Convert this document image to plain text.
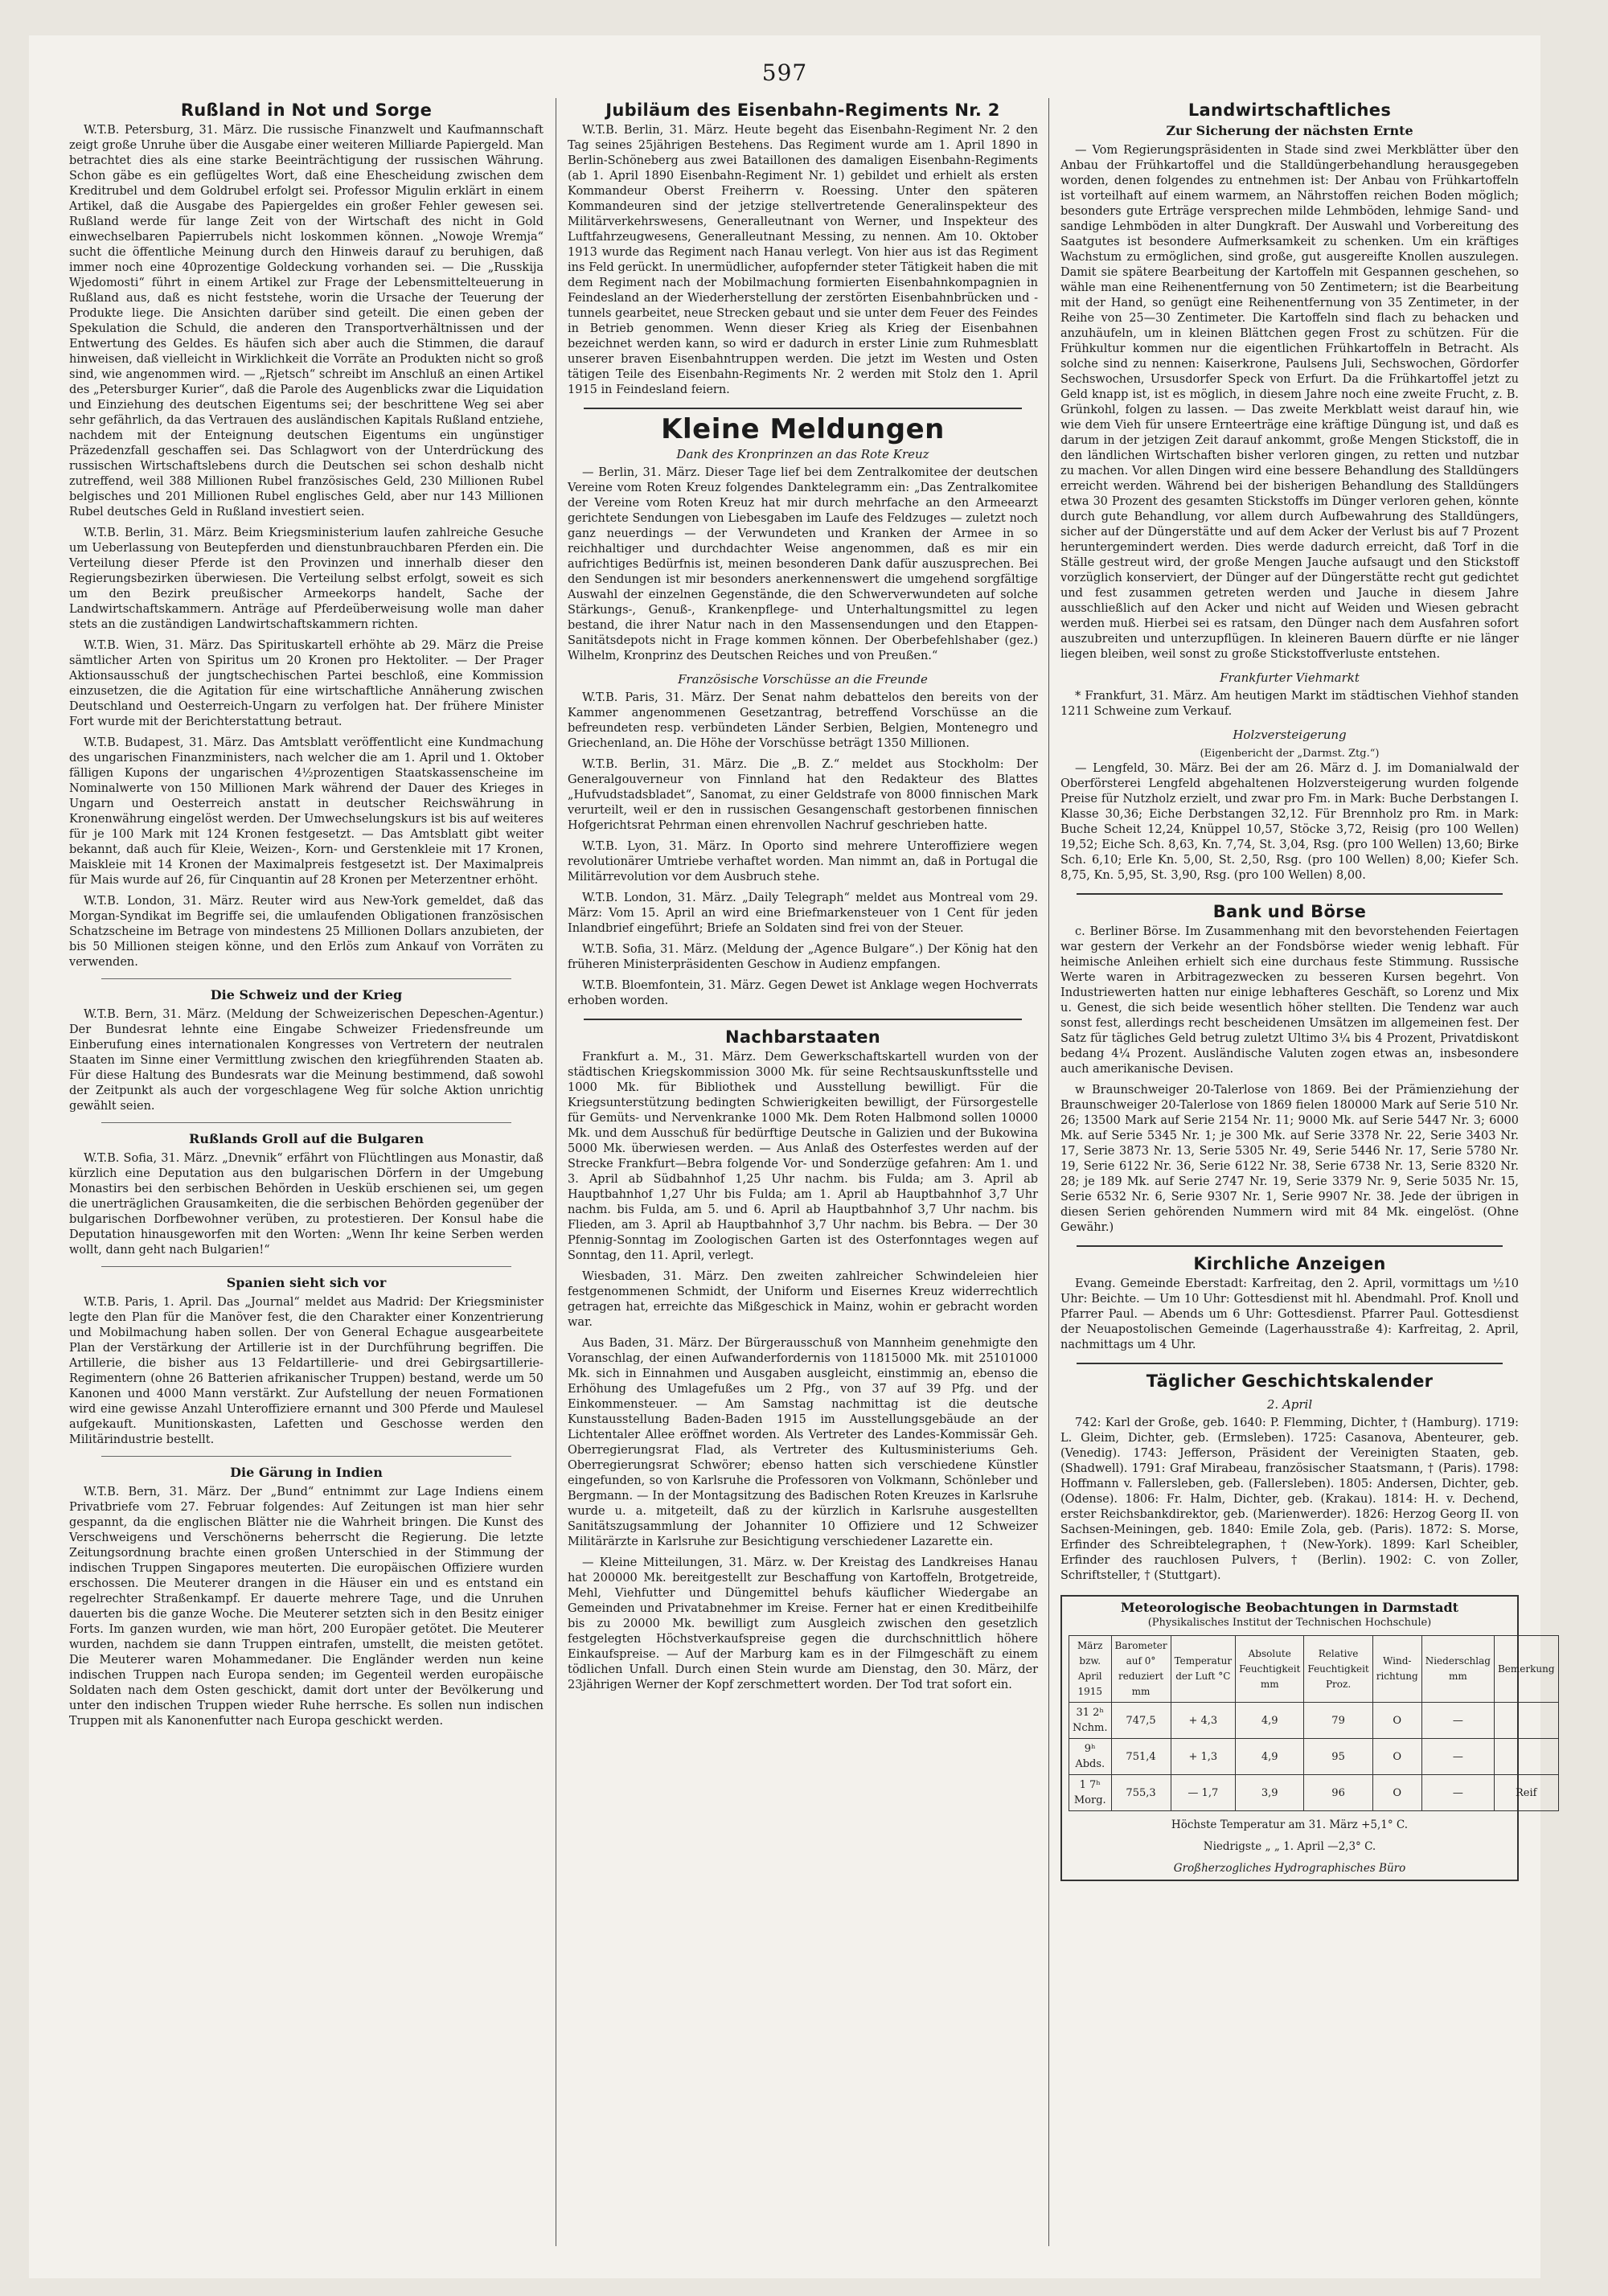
597
Rußland in Not und Sorge

W.T.B. Petersburg, 31. März. Die russische Finanzwelt und Kaufmannschaft zeigt große Unruhe über die Ausgabe einer weiteren Milliarde Papiergeld. Man betrachtet dies als eine starke Beeinträchtigung der russischen Währung. Schon gäbe es ein geflügeltes Wort, daß eine Ehescheidung zwischen dem Kreditrubel und dem Goldrubel erfolgt sei. Professor Migulin erklärt in einem Artikel, daß die Ausgabe des Papiergeldes ein großer Fehler gewesen sei. Rußland werde für lange Zeit von der Wirtschaft des nicht in Gold einwechselbaren Papierrubels nicht loskommen können. „Nowoje Wremja“ sucht die öffentliche Meinung durch den Hinweis darauf zu beruhigen, daß immer noch eine 40prozentige Goldeckung vorhanden sei. — Die „Russkija Wjedomosti“ führt in einem Artikel zur Frage der Lebensmittelteuerung in Rußland aus, daß es nicht feststehe, worin die Ursache der Teuerung der Produkte liege. Die Ansichten darüber sind geteilt. Die einen geben der Spekulation die Schuld, die anderen den Transportverhältnissen und der Entwertung des Geldes. Es häufen sich aber auch die Stimmen, die darauf hinweisen, daß vielleicht in Wirklichkeit die Vorräte an Produkten nicht so groß sind, wie angenommen wird. — „Rjetsch“ schreibt im Anschluß an einen Artikel des „Petersburger Kurier“, daß die Parole des Augenblicks zwar die Liquidation und Einziehung des deutschen Eigentums sei; der beschrittene Weg sei aber sehr gefährlich, da das Vertrauen des ausländischen Kapitals Rußland entziehe, nachdem mit der Enteignung deutschen Eigentums ein ungünstiger Präzedenzfall geschaffen sei. Das Schlagwort von der Unterdrückung des russischen Wirtschaftslebens durch die Deutschen sei schon deshalb nicht zutreffend, weil 388 Millionen Rubel französisches Geld, 230 Millionen Rubel belgisches und 201 Millionen Rubel englisches Geld, aber nur 143 Millionen Rubel deutsches Geld in Rußland investiert seien.

W.T.B. Berlin, 31. März. Beim Kriegsministerium laufen zahlreiche Gesuche um Ueberlassung von Beutepferden und dienstunbrauchbaren Pferden ein. Die Verteilung dieser Pferde ist den Provinzen und innerhalb dieser den Regierungsbezirken überwiesen. Die Verteilung selbst erfolgt, soweit es sich um den Bezirk preußischer Armeekorps handelt, Sache der Landwirtschaftskammern. Anträge auf Pferdeüberweisung wolle man daher stets an die zuständigen Landwirtschaftskammern richten.

W.T.B. Wien, 31. März. Das Spirituskartell erhöhte ab 29. März die Preise sämtlicher Arten von Spiritus um 20 Kronen pro Hektoliter. — Der Prager Aktionsausschuß der jungtschechischen Partei beschloß, eine Kommission einzusetzen, die die Agitation für eine wirtschaftliche Annäherung zwischen Deutschland und Oesterreich-Ungarn zu verfolgen hat. Der frühere Minister Fort wurde mit der Berichterstattung betraut.

W.T.B. Budapest, 31. März. Das Amtsblatt veröffentlicht eine Kundmachung des ungarischen Finanzministers, nach welcher die am 1. April und 1. Oktober fälligen Kupons der ungarischen 4½prozentigen Staatskassenscheine im Nominalwerte von 150 Millionen Mark während der Dauer des Krieges in Ungarn und Oesterreich anstatt in deutscher Reichswährung in Kronenwährung eingelöst werden. Der Umwechselungskurs ist bis auf weiteres für je 100 Mark mit 124 Kronen festgesetzt. — Das Amtsblatt gibt weiter bekannt, daß auch für Kleie, Weizen-, Korn- und Gerstenkleie mit 17 Kronen, Maiskleie mit 14 Kronen der Maximalpreis festgesetzt ist. Der Maximalpreis für Mais wurde auf 26, für Cinquantin auf 28 Kronen per Meterzentner erhöht.

W.T.B. London, 31. März. Reuter wird aus New-York gemeldet, daß das Morgan-Syndikat im Begriffe sei, die umlaufenden Obligationen französischen Schatzscheine im Betrage von mindestens 25 Millionen Dollars anzubieten, der bis 50 Millionen steigen könne, und den Erlös zum Ankauf von Vorräten zu verwenden.

Die Schweiz und der Krieg

W.T.B. Bern, 31. März. (Meldung der Schweizerischen Depeschen-Agentur.) Der Bundesrat lehnte eine Eingabe Schweizer Friedensfreunde um Einberufung eines internationalen Kongresses von Vertretern der neutralen Staaten im Sinne einer Vermittlung zwischen den kriegführenden Staaten ab. Für diese Haltung des Bundesrats war die Meinung bestimmend, daß sowohl der Zeitpunkt als auch der vorgeschlagene Weg für solche Aktion unrichtig gewählt seien.

Rußlands Groll auf die Bulgaren

W.T.B. Sofia, 31. März. „Dnevnik“ erfährt von Flüchtlingen aus Monastir, daß kürzlich eine Deputation aus den bulgarischen Dörfern in der Umgebung Monastirs bei den serbischen Behörden in Uesküb erschienen sei, um gegen die unerträglichen Grausamkeiten, die die serbischen Behörden gegenüber der bulgarischen Dorfbewohner verüben, zu protestieren. Der Konsul habe die Deputation hinausgeworfen mit den Worten: „Wenn Ihr keine Serben werden wollt, dann geht nach Bulgarien!“

Spanien sieht sich vor

W.T.B. Paris, 1. April. Das „Journal“ meldet aus Madrid: Der Kriegsminister legte den Plan für die Manöver fest, die den Charakter einer Konzentrierung und Mobilmachung haben sollen. Der von General Echague ausgearbeitete Plan der Verstärkung der Artillerie ist in der Durchführung begriffen. Die Artillerie, die bisher aus 13 Feldartillerie- und drei Gebirgsartillerie-Regimentern (ohne 26 Batterien afrikanischer Truppen) bestand, werde um 50 Kanonen und 4000 Mann verstärkt. Zur Aufstellung der neuen Formationen wird eine gewisse Anzahl Unteroffiziere ernannt und 300 Pferde und Maulesel aufgekauft. Munitionskasten, Lafetten und Geschosse werden den Militärindustrie bestellt.

Die Gärung in Indien

W.T.B. Bern, 31. März. Der „Bund“ entnimmt zur Lage Indiens einem Privatbriefe vom 27. Februar folgendes: Auf Zeitungen ist man hier sehr gespannt, da die englischen Blätter nie die Wahrheit bringen. Die Kunst des Verschweigens und Verschönerns beherrscht die Regierung. Die letzte Zeitungsordnung brachte einen großen Unterschied in der Stimmung der indischen Truppen Singapores meuterten. Die europäischen Offiziere wurden erschossen. Die Meuterer drangen in die Häuser ein und es entstand ein regelrechter Straßenkampf. Er dauerte mehrere Tage, und die Unruhen dauerten bis die ganze Woche. Die Meuterer setzten sich in den Besitz einiger Forts. Im ganzen wurden, wie man hört, 200 Europäer getötet. Die Meuterer wurden, nachdem sie dann Truppen eintrafen, umstellt, die meisten getötet. Die Meuterer waren Mohammedaner. Die Engländer werden nun keine indischen Truppen nach Europa senden; im Gegenteil werden europäische Soldaten nach dem Osten geschickt, damit dort unter der Bevölkerung und unter den indischen Truppen wieder Ruhe herrsche. Es sollen nun indischen Truppen mit als Kanonenfutter nach Europa geschickt werden.

Jubiläum des Eisenbahn-Regiments Nr. 2

W.T.B. Berlin, 31. März. Heute begeht das Eisenbahn-Regiment Nr. 2 den Tag seines 25jährigen Bestehens. Das Regiment wurde am 1. April 1890 in Berlin-Schöneberg aus zwei Bataillonen des damaligen Eisenbahn-Regiments (ab 1. April 1890 Eisenbahn-Regiment Nr. 1) gebildet und erhielt als ersten Kommandeur Oberst Freiherrn v. Roessing. Unter den späteren Kommandeuren sind der jetzige stellvertretende Generalinspekteur des Militärverkehrswesens, Generalleutnant von Werner, und Inspekteur des Luftfahrzeugwesens, Generalleutnant Messing, zu nennen. Am 10. Oktober 1913 wurde das Regiment nach Hanau verlegt. Von hier aus ist das Regiment ins Feld gerückt. In unermüdlicher, aufopfernder steter Tätigkeit haben die mit dem Regiment nach der Mobilmachung formierten Eisenbahnkompagnien in Feindesland an der Wiederherstellung der zerstörten Eisenbahnbrücken und -tunnels gearbeitet, neue Strecken gebaut und sie unter dem Feuer des Feindes in Betrieb genommen. Wenn dieser Krieg als Krieg der Eisenbahnen bezeichnet werden kann, so wird er dadurch in erster Linie zum Ruhmesblatt unserer braven Eisenbahntruppen werden. Die jetzt im Westen und Osten tätigen Teile des Eisenbahn-Regiments Nr. 2 werden mit Stolz den 1. April 1915 in Feindesland feiern.

Kleine Meldungen
Dank des Kronprinzen an das Rote Kreuz

— Berlin, 31. März. Dieser Tage lief bei dem Zentralkomitee der deutschen Vereine vom Roten Kreuz folgendes Danktelegramm ein: „Das Zentralkomitee der Vereine vom Roten Kreuz hat mir durch mehrfache an den Armeearzt gerichtete Sendungen von Liebesgaben im Laufe des Feldzuges — zuletzt noch ganz neuerdings — der Verwundeten und Kranken der Armee in so reichhaltiger und durchdachter Weise angenommen, daß es mir ein aufrichtiges Bedürfnis ist, meinen besonderen Dank dafür auszusprechen. Bei den Sendungen ist mir besonders anerkennenswert die umgehend sorgfältige Auswahl der einzelnen Gegenstände, die den Schwerverwundeten auf solche Stärkungs-, Genuß-, Krankenpflege- und Unterhaltungsmittel zu legen bestand, die ihrer Natur nach in den Massensendungen und den Etappen-Sanitätsdepots nicht in Frage kommen können. Der Oberbefehlshaber (gez.) Wilhelm, Kronprinz des Deutschen Reiches und von Preußen.“

Französische Vorschüsse an die Freunde

W.T.B. Paris, 31. März. Der Senat nahm debattelos den bereits von der Kammer angenommenen Gesetzantrag, betreffend Vorschüsse an die befreundeten resp. verbündeten Länder Serbien, Belgien, Montenegro und Griechenland, an. Die Höhe der Vorschüsse beträgt 1350 Millionen.

W.T.B. Berlin, 31. März. Die „B. Z.“ meldet aus Stockholm: Der Generalgouverneur von Finnland hat den Redakteur des Blattes „Hufvudstadsbladet“, Sanomat, zu einer Geldstrafe von 8000 finnischen Mark verurteilt, weil er den in russischen Gesangenschaft gestorbenen finnischen Hofgerichtsrat Pehrman einen ehrenvollen Nachruf geschrieben hatte.

W.T.B. Lyon, 31. März. In Oporto sind mehrere Unteroffiziere wegen revolutionärer Umtriebe verhaftet worden. Man nimmt an, daß in Portugal die Militärrevolution vor dem Ausbruch stehe.

W.T.B. London, 31. März. „Daily Telegraph“ meldet aus Montreal vom 29. März: Vom 15. April an wird eine Briefmarkensteuer von 1 Cent für jeden Inlandbrief eingeführt; Briefe an Soldaten sind frei von der Steuer.

W.T.B. Sofia, 31. März. (Meldung der „Agence Bulgare“.) Der König hat den früheren Ministerpräsidenten Geschow in Audienz empfangen.

W.T.B. Bloemfontein, 31. März. Gegen Dewet ist Anklage wegen Hochverrats erhoben worden.

Nachbarstaaten

Frankfurt a. M., 31. März. Dem Gewerkschaftskartell wurden von der städtischen Kriegskommission 3000 Mk. für seine Rechtsauskunftsstelle und 1000 Mk. für Bibliothek und Ausstellung bewilligt. Für die Kriegsunterstützung bedingten Schwierigkeiten bewilligt, der Fürsorgestelle für Gemüts- und Nervenkranke 1000 Mk. Dem Roten Halbmond sollen 10000 Mk. und dem Ausschuß für bedürftige Deutsche in Galizien und der Bukowina 5000 Mk. überwiesen werden. — Aus Anlaß des Osterfestes werden auf der Strecke Frankfurt—Bebra folgende Vor- und Sonderzüge gefahren: Am 1. und 3. April ab Südbahnhof 1,25 Uhr nachm. bis Fulda; am 3. April ab Hauptbahnhof 1,27 Uhr bis Fulda; am 1. April ab Hauptbahnhof 3,7 Uhr nachm. bis Fulda, am 5. und 6. April ab Hauptbahnhof 3,7 Uhr nachm. bis Flieden, am 3. April ab Hauptbahnhof 3,7 Uhr nachm. bis Bebra. — Der 30 Pfennig-Sonntag im Zoologischen Garten ist des Osterfonntages wegen auf Sonntag, den 11. April, verlegt.

Wiesbaden, 31. März. Den zweiten zahlreicher Schwindeleien hier festgenommenen Schmidt, der Uniform und Eisernes Kreuz widerrechtlich getragen hat, erreichte das Mißgeschick in Mainz, wohin er gebracht worden war.

Aus Baden, 31. März. Der Bürgerausschuß von Mannheim genehmigte den Voranschlag, der einen Aufwanderfordernis von 11815000 Mk. mit 25101000 Mk. sich in Einnahmen und Ausgaben ausgleicht, einstimmig an, ebenso die Erhöhung des Umlagefußes um 2 Pfg., von 37 auf 39 Pfg. und der Einkommensteuer. — Am Samstag nachmittag ist die deutsche Kunstausstellung Baden-Baden 1915 im Ausstellungsgebäude an der Lichtentaler Allee eröffnet worden. Als Vertreter des Landes-Kommissär Geh. Oberregierungsrat Flad, als Vertreter des Kultusministeriums Geh. Oberregierungsrat Schwörer; ebenso hatten sich verschiedene Künstler eingefunden, so von Karlsruhe die Professoren von Volkmann, Schönleber und Bergmann. — In der Montagsitzung des Badischen Roten Kreuzes in Karlsruhe wurde u. a. mitgeteilt, daß zu der kürzlich in Karlsruhe ausgestellten Sanitätszugsammlung der Johanniter 10 Offiziere und 12 Schweizer Militärärzte in Karlsruhe zur Besichtigung verschiedener Lazarette ein.

— Kleine Mitteilungen, 31. März. w. Der Kreistag des Landkreises Hanau hat 200000 Mk. bereitgestellt zur Beschaffung von Kartoffeln, Brotgetreide, Mehl, Viehfutter und Düngemittel behufs käuflicher Wiedergabe an Gemeinden und Privatabnehmer im Kreise. Ferner hat er einen Kreditbeihilfe bis zu 20000 Mk. bewilligt zum Ausgleich zwischen den gesetzlich festgelegten Höchstverkaufspreise gegen die durchschnittlich höhere Einkaufspreise. — Auf der Marburg kam es in der Filmgeschäft zu einem tödlichen Unfall. Durch einen Stein wurde am Dienstag, den 30. März, der 23jährigen Werner der Kopf zerschmettert worden. Der Tod trat sofort ein.

Landwirtschaftliches
Zur Sicherung der nächsten Ernte

— Vom Regierungspräsidenten in Stade sind zwei Merkblätter über den Anbau der Frühkartoffel und die Stalldüngerbehandlung herausgegeben worden, denen folgendes zu entnehmen ist: Der Anbau von Frühkartoffeln ist vorteilhaft auf einem warmem, an Nährstoffen reichen Boden möglich; besonders gute Erträge versprechen milde Lehmböden, lehmige Sand- und sandige Lehmböden in alter Dungkraft. Der Auswahl und Vorbereitung des Saatgutes ist besondere Aufmerksamkeit zu schenken. Um ein kräftiges Wachstum zu ermöglichen, sind große, gut ausgereifte Knollen auszulegen. Damit sie spätere Bearbeitung der Kartoffeln mit Gespannen geschehen, so wähle man eine Reihenentfernung von 50 Zentimetern; ist die Bearbeitung mit der Hand, so genügt eine Reihenentfernung von 35 Zentimeter, in der Reihe von 25—30 Zentimeter. Die Kartoffeln sind flach zu behacken und anzuhäufeln, um in kleinen Blättchen gegen Frost zu schützen. Für die Frühkultur kommen nur die eigentlichen Frühkartoffeln in Betracht. Als solche sind zu nennen: Kaiserkrone, Paulsens Juli, Sechswochen, Gördorfer Sechswochen, Ursusdorfer Speck von Erfurt. Da die Frühkartoffel jetzt zu Geld knapp ist, ist es möglich, in diesem Jahre noch eine zweite Frucht, z. B. Grünkohl, folgen zu lassen. — Das zweite Merkblatt weist darauf hin, wie wie dem Vieh für unsere Ernteerträge eine kräftige Düngung ist, und daß es darum in der jetzigen Zeit darauf ankommt, große Mengen Stickstoff, die in den ländlichen Wirtschaften bisher verloren gingen, zu retten und nutzbar zu machen. Vor allen Dingen wird eine bessere Behandlung des Stalldüngers erreicht werden. Während bei der bisherigen Behandlung des Stalldüngers etwa 30 Prozent des gesamten Stickstoffs im Dünger verloren gehen, könnte durch gute Behandlung, vor allem durch Aufbewahrung des Stalldüngers, sicher auf der Düngerstätte und auf dem Acker der Verlust bis auf 7 Prozent heruntergemindert werden. Dies werde dadurch erreicht, daß Torf in die Ställe gestreut wird, der große Mengen Jauche aufsaugt und den Stickstoff vorzüglich konserviert, der Dünger auf der Düngerstätte recht gut gedichtet und fest zusammen getreten werden und Jauche in diesem Jahre ausschließlich auf den Acker und nicht auf Weiden und Wiesen gebracht werden muß. Hierbei sei es ratsam, den Dünger nach dem Ausfahren sofort auszubreiten und unterzupflügen. In kleineren Bauern dürfte er nie länger liegen bleiben, weil sonst zu große Stickstoffverluste entstehen.

Frankfurter Viehmarkt

* Frankfurt, 31. März. Am heutigen Markt im städtischen Viehhof standen 1211 Schweine zum Verkauf.

Holzversteigerung
(Eigenbericht der „Darmst. Ztg.“)

— Lengfeld, 30. März. Bei der am 26. März d. J. im Domanialwald der Oberförsterei Lengfeld abgehaltenen Holzversteigerung wurden folgende Preise für Nutzholz erzielt, und zwar pro Fm. in Mark: Buche Derbstangen I. Klasse 30,36; Eiche Derbstangen 32,12. Für Brennholz pro Rm. in Mark: Buche Scheit 12,24, Knüppel 10,57, Stöcke 3,72, Reisig (pro 100 Wellen) 19,52; Eiche Sch. 8,63, Kn. 7,74, St. 3,04, Rsg. (pro 100 Wellen) 13,60; Birke Sch. 6,10; Erle Kn. 5,00, St. 2,50, Rsg. (pro 100 Wellen) 8,00; Kiefer Sch. 8,75, Kn. 5,95, St. 3,90, Rsg. (pro 100 Wellen) 8,00.

Bank und Börse

c. Berliner Börse. Im Zusammenhang mit den bevorstehenden Feiertagen war gestern der Verkehr an der Fondsbörse wieder wenig lebhaft. Für heimische Anleihen erhielt sich eine durchaus feste Stimmung. Russische Werte waren in Arbitragezwecken zu besseren Kursen begehrt. Von Industriewerten hatten nur einige lebhafteres Geschäft, so Lorenz und Mix u. Genest, die sich beide wesentlich höher stellten. Die Tendenz war auch sonst fest, allerdings recht bescheidenen Umsätzen im allgemeinen fest. Der Satz für tägliches Geld betrug zuletzt Ultimo 3¼ bis 4 Prozent, Privatdiskont bedang 4¼ Prozent. Ausländische Valuten zogen etwas an, insbesondere auch amerikanische Devisen.

w Braunschweiger 20-Talerlose von 1869. Bei der Prämienziehung der Braunschweiger 20-Talerlose von 1869 fielen 180000 Mark auf Serie 510 Nr. 26; 13500 Mark auf Serie 2154 Nr. 11; 9000 Mk. auf Serie 5447 Nr. 3; 6000 Mk. auf Serie 5345 Nr. 1; je 300 Mk. auf Serie 3378 Nr. 22, Serie 3403 Nr. 17, Serie 3873 Nr. 13, Serie 5305 Nr. 49, Serie 5446 Nr. 17, Serie 5780 Nr. 19, Serie 6122 Nr. 36, Serie 6122 Nr. 38, Serie 6738 Nr. 13, Serie 8320 Nr. 28; je 189 Mk. auf Serie 2747 Nr. 19, Serie 3379 Nr. 9, Serie 5035 Nr. 15, Serie 6532 Nr. 6, Serie 9307 Nr. 1, Serie 9907 Nr. 38. Jede der übrigen in diesen Serien gehörenden Nummern wird mit 84 Mk. eingelöst. (Ohne Gewähr.)

Kirchliche Anzeigen

Evang. Gemeinde Eberstadt: Karfreitag, den 2. April, vormittags um ½10 Uhr: Beichte. — Um 10 Uhr: Gottesdienst mit hl. Abendmahl. Prof. Knoll und Pfarrer Paul. — Abends um 6 Uhr: Gottesdienst. Pfarrer Paul. Gottesdienst der Neuapostolischen Gemeinde (Lagerhausstraße 4): Karfreitag, 2. April, nachmittags um 4 Uhr.

Täglicher Geschichtskalender
2. April

742: Karl der Große, geb. 1640: P. Flemming, Dichter, † (Hamburg). 1719: L. Gleim, Dichter, geb. (Ermsleben). 1725: Casanova, Abenteurer, geb. (Venedig). 1743: Jefferson, Präsident der Vereinigten Staaten, geb. (Shadwell). 1791: Graf Mirabeau, französischer Staatsmann, † (Paris). 1798: Hoffmann v. Fallersleben, geb. (Fallersleben). 1805: Andersen, Dichter, geb. (Odense). 1806: Fr. Halm, Dichter, geb. (Krakau). 1814: H. v. Dechend, erster Reichsbankdirektor, geb. (Marienwerder). 1826: Herzog Georg II. von Sachsen-Meiningen, geb. 1840: Emile Zola, geb. (Paris). 1872: S. Morse, Erfinder des Schreibtelegraphen, † (New-York). 1899: Karl Scheibler, Erfinder des rauchlosen Pulvers, † (Berlin). 1902: C. von Zoller, Schriftsteller, † (Stuttgart).

Meteorologische Beobachtungen in Darmstadt
(Physikalisches Institut der Technischen Hochschule)
März bzw. April 1915	Barometer auf 0° reduziert mm	Temperatur der Luft °C	Absolute Feuchtigkeit mm	Relative Feuchtigkeit Proz.	Windrichtung	Niederschlag mm	Bemerkung
31 2ʰ Nchm.	747,5	+ 4,3	4,9	79	O	—	
9ʰ Abds.	751,4	+ 1,3	4,9	95	O	—	
1 7ʰ Morg.	755,3	— 1,7	3,9	96	O	—	Reif
Höchste Temperatur am 31. März +5,1° C.
Niedrigste „ „ 1. April —2,3° C.
Großherzogliches Hydrographisches Büro
